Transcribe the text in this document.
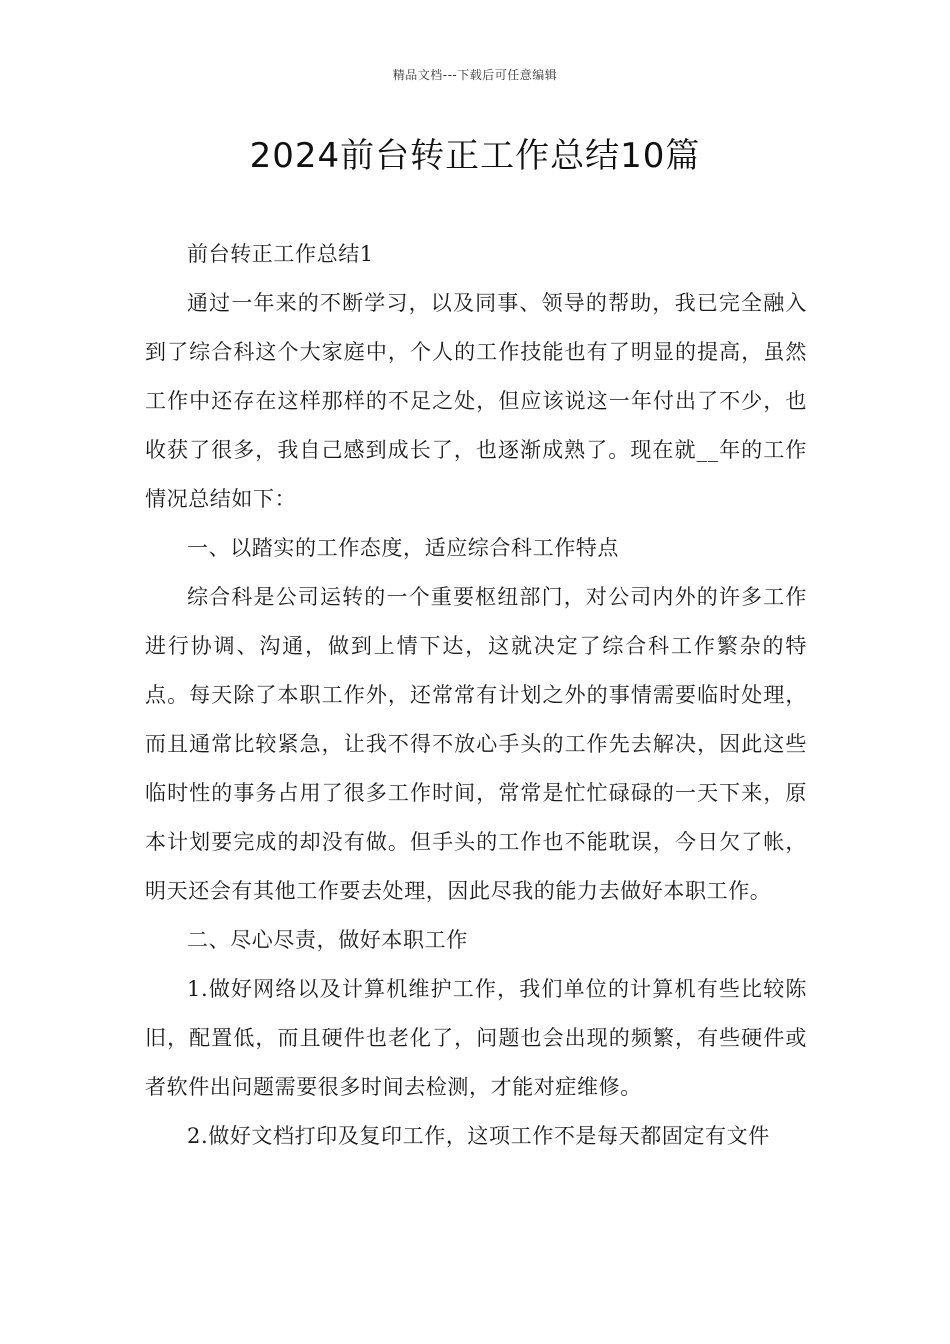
精品文档---下载后可任意编辑
2024前台转正工作总结10篇

前台转正工作总结1

通过一年来的不断学习，以及同事、领导的帮助，我已完全融入到了综合科这个大家庭中，个人的工作技能也有了明显的提高，虽然工作中还存在这样那样的不足之处，但应该说这一年付出了不少，也收获了很多，我自己感到成长了，也逐渐成熟了。现在就__年的工作情况总结如下：

一、以踏实的工作态度，适应综合科工作特点

综合科是公司运转的一个重要枢纽部门，对公司内外的许多工作进行协调、沟通，做到上情下达，这就决定了综合科工作繁杂的特点。每天除了本职工作外，还常常有计划之外的事情需要临时处理，而且通常比较紧急，让我不得不放心手头的工作先去解决，因此这些临时性的事务占用了很多工作时间，常常是忙忙碌碌的一天下来，原本计划要完成的却没有做。但手头的工作也不能耽误，今日欠了帐，明天还会有其他工作要去处理，因此尽我的能力去做好本职工作。

二、尽心尽责，做好本职工作

1.做好网络以及计算机维护工作，我们单位的计算机有些比较陈旧，配置低，而且硬件也老化了，问题也会出现的频繁，有些硬件或者软件出问题需要很多时间去检测，才能对症维修。

2.做好文档打印及复印工作，这项工作不是每天都固定有文件
